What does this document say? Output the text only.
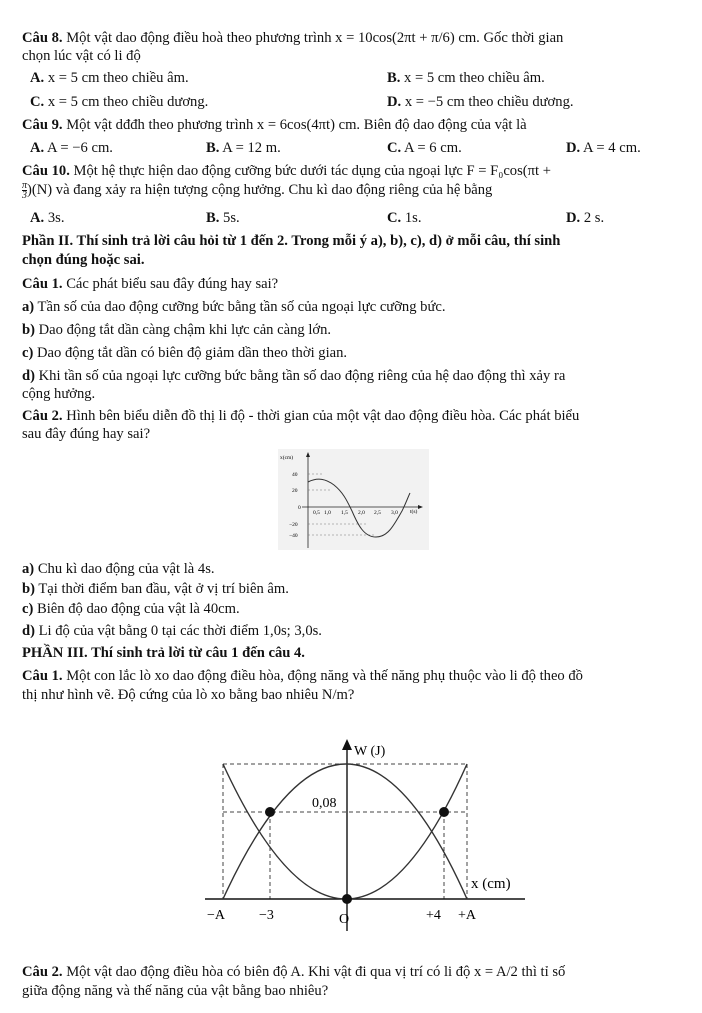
Câu 8. Một vật dao động điều hoà theo phương trình x = 10cos(2πt + π/6) cm. Gốc thời gian
chọn lúc vật có li độ
A. x = 5 cm theo chiều âm.	B. x = 5 cm theo chiều âm.
C. x = 5 cm theo chiều dương.	D. x = −5 cm theo chiều dương.
Câu 9. Một vật dđđh theo phương trình x = 6cos(4πt) cm. Biên độ dao động của vật là
A. A = −6 cm.	B. A = 12 m.	C. A = 6 cm.	D. A = 4 cm.
Câu 10. Một hệ thực hiện dao động cưỡng bức dưới tác dụng của ngoại lực F = F₀cos(πt +
$\frac{\pi}{3} )(N)$ và đang xảy ra hiện tượng cộng hưởng. Chu kì dao động riêng của hệ bằng
A. 3s.	B. 5s.	C. 1s.	D. 2 s.
Phần II. Thí sinh trả lời câu hỏi từ 1 đến 2. Trong mỗi ý a), b), c), d) ở mỗi câu, thí sinh
chọn đúng hoặc sai.
Câu 1. Các phát biểu sau đây đúng hay sai?
a) Tần số của dao động cưỡng bức bằng tần số của ngoại lực cưỡng bức.
b) Dao động tắt dần càng chậm khi lực cản càng lớn.
c) Dao động tắt dần có biên độ giảm dần theo thời gian.
d) Khi tần số của ngoại lực cưỡng bức bằng tần số dao động riêng của hệ dao động thì xảy ra
cộng hưởng.
Câu 2. Hình bên biểu diễn đồ thị li độ - thời gian của một vật dao động điều hòa. Các phát biểu
sau đây đúng hay sai?
x(cm)
t(s)
40
20
0
−20
−40
0,5 1,0 1,5 2,0 2,5 3,0
a) Chu kì dao động của vật là 4s.
b) Tại thời điểm ban đầu, vật ở vị trí biên âm.
c) Biên độ dao động của vật là 40cm.
d) Li độ của vật bằng 0 tại các thời điểm 1,0s; 3,0s.
PHẦN III. Thí sinh trả lời từ câu 1 đến câu 4.
Câu 1. Một con lắc lò xo dao động điều hòa, động năng và thế năng phụ thuộc vào li độ theo đồ
thị như hình vẽ. Độ cứng của lò xo bằng bao nhiêu N/m?
W (J)
0,08
x (cm)
−A −3	O	+4 +A
Câu 2. Một vật dao động điều hòa có biên độ A. Khi vật đi qua vị trí có li độ x = A/2 thì tỉ số
giữa động năng và thế năng của vật bằng bao nhiêu?
